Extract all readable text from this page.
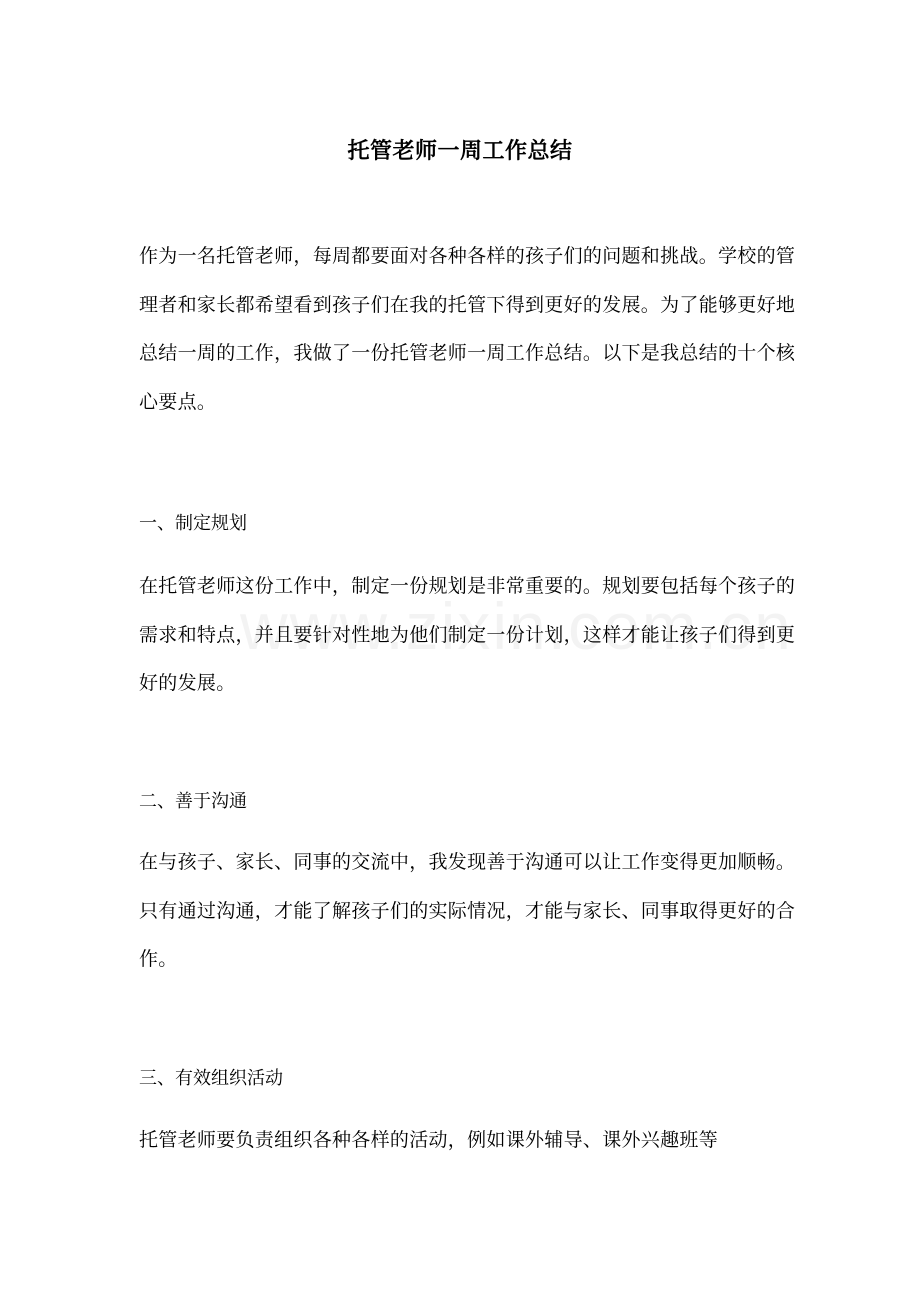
托管老师一周工作总结

作为一名托管老师，每周都要面对各种各样的孩子们的问题和挑战。学校的管理者和家长都希望看到孩子们在我的托管下得到更好的发展。为了能够更好地总结一周的工作，我做了一份托管老师一周工作总结。以下是我总结的十个核心要点。

一、制定规划

在托管老师这份工作中，制定一份规划是非常重要的。规划要包括每个孩子的需求和特点，并且要针对性地为他们制定一份计划，这样才能让孩子们得到更好的发展。

二、善于沟通

在与孩子、家长、同事的交流中，我发现善于沟通可以让工作变得更加顺畅。只有通过沟通，才能了解孩子们的实际情况，才能与家长、同事取得更好的合作。

三、有效组织活动

托管老师要负责组织各种各样的活动，例如课外辅导、课外兴趣班等
